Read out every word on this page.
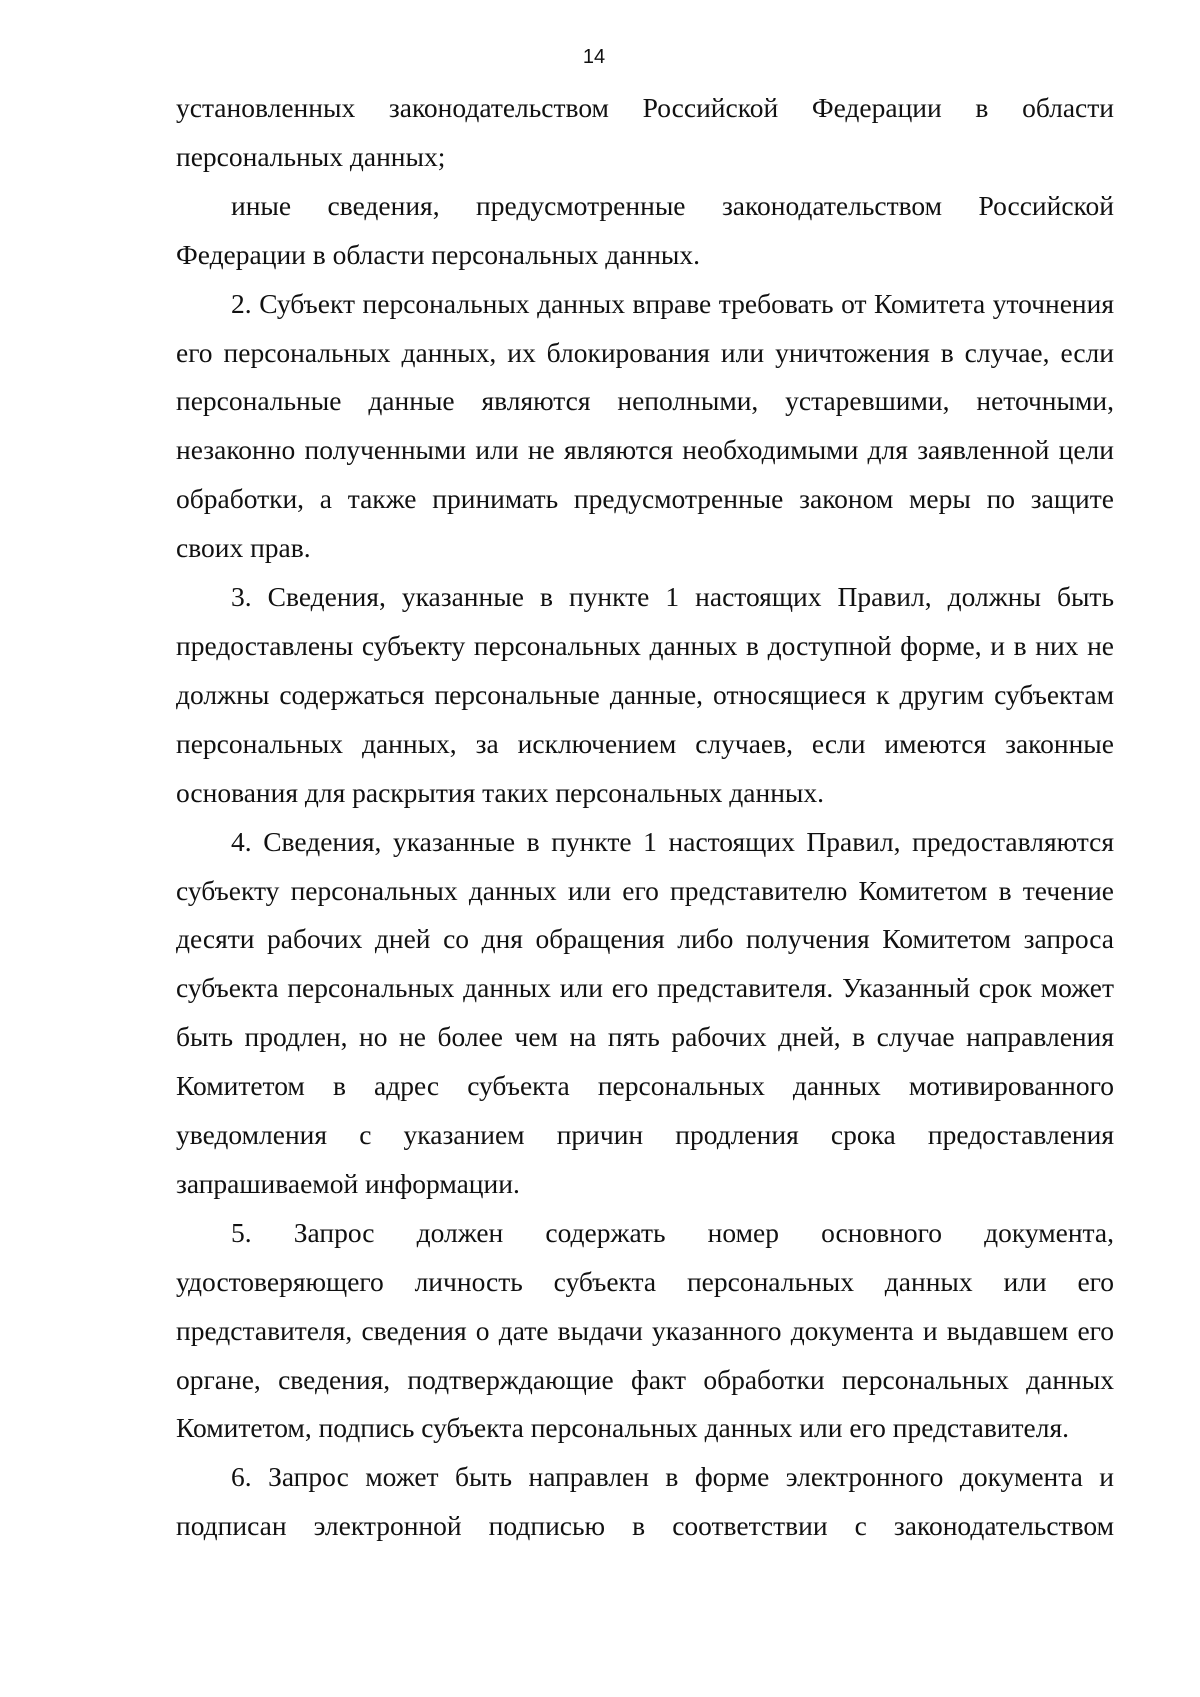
14

установленных законодательством Российской Федерации в области персональных данных;

иные сведения, предусмотренные законодательством Российской Федерации в области персональных данных.

2. Субъект персональных данных вправе требовать от Комитета уточнения его персональных данных, их блокирования или уничтожения в случае, если персональные данные являются неполными, устаревшими, неточными, незаконно полученными или не являются необходимыми для заявленной цели обработки, а также принимать предусмотренные законом меры по защите своих прав.

3. Сведения, указанные в пункте 1 настоящих Правил, должны быть предоставлены субъекту персональных данных в доступной форме, и в них не должны содержаться персональные данные, относящиеся к другим субъектам персональных данных, за исключением случаев, если имеются законные основания для раскрытия таких персональных данных.

4. Сведения, указанные в пункте 1 настоящих Правил, предоставляются субъекту персональных данных или его представителю Комитетом в течение десяти рабочих дней со дня обращения либо получения Комитетом запроса субъекта персональных данных или его представителя. Указанный срок может быть продлен, но не более чем на пять рабочих дней, в случае направления Комитетом в адрес субъекта персональных данных мотивированного уведомления с указанием причин продления срока предоставления запрашиваемой информации.

5. Запрос должен содержать номер основного документа, удостоверяющего личность субъекта персональных данных или его представителя, сведения о дате выдачи указанного документа и выдавшем его органе, сведения, подтверждающие факт обработки персональных данных Комитетом, подпись субъекта персональных данных или его представителя.

6. Запрос может быть направлен в форме электронного документа и подписан электронной подписью в соответствии с законодательством
